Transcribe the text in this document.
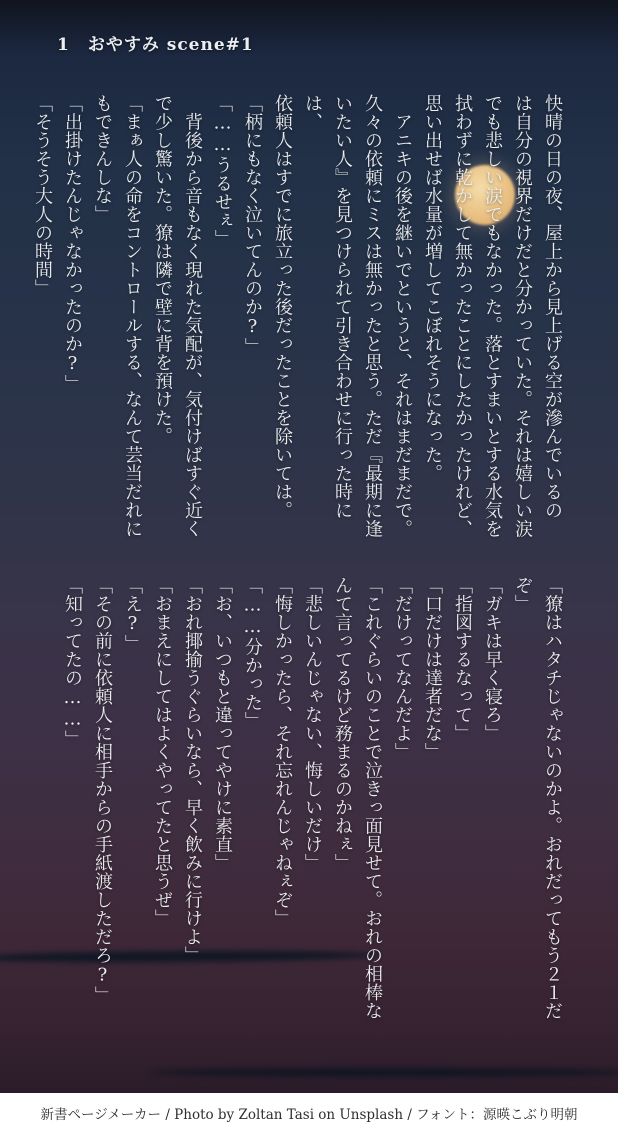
1　おやすみ scene#1
快晴の日の夜、屋上から見上げる空が滲んでいるの
は自分の視界だけだと分かっていた。それは嬉しい涙
でも悲しい涙でもなかった。落とすまいとする水気を
拭わずに乾かして無かったことにしたかったけれど、
思い出せば水量が増してこぼれそうになった。
　アニキの後を継いでというと、それはまだまだで。
久々の依頼にミスは無かったと思う。ただ『最期に逢
いたい人』を見つけられて引き合わせに行った時には、
依頼人はすでに旅立った後だったことを除いては。
「柄にもなく泣いてんのか?」
「……うるせぇ」
　背後から音もなく現れた気配が、気付けばすぐ近く
で少し驚いた。獠は隣で壁に背を預けた。
「まぁ人の命をコントロールする、なんて芸当だれに
もできんしな」
「出掛けたんじゃなかったのか?」
「そうそう大人の時間」
「獠はハタチじゃないのかよ。おれだってもう２１だ
ぞ」
「ガキは早く寝ろ」
「指図するなって」
「口だけは達者だな」
「だけってなんだよ」
「これぐらいのことで泣きっ面見せて。おれの相棒な
んて言ってるけど務まるのかねぇ」
「悲しいんじゃない、悔しいだけ」
「悔しかったら、それ忘れんじゃねぇぞ」
「……分かった」
「お、いつもと違ってやけに素直」
「おれ揶揄うぐらいなら、早く飲みに行けよ」
「おまえにしてはよくやってたと思うぜ」
「え?」
「その前に依頼人に相手からの手紙渡しただろ?」
「知ってたの……」
新書ページメーカー / Photo by Zoltan Tasi on Unsplash / フォント：源暎こぶり明朝
